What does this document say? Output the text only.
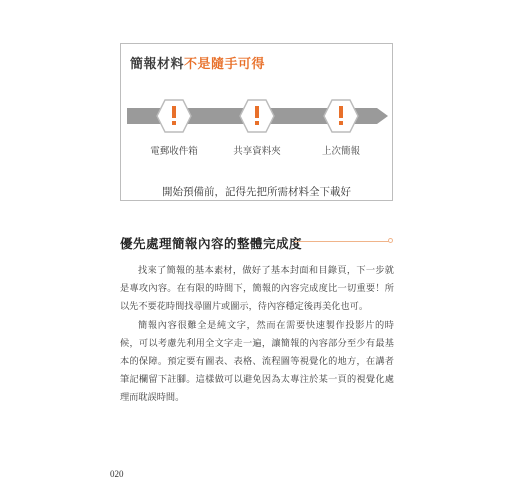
簡報材料不是隨手可得
電郵收件箱	共享資料夾	上次簡報
開始預備前，記得先把所需材料全下載好
優先處理簡報內容的整體完成度
找來了簡報的基本素材，做好了基本封面和目錄頁，下一步就是專攻內容。在有限的時間下，簡報的內容完成度比一切重要！所以先不要花時間找尋圖片或圖示，待內容穩定後再美化也可。
簡報內容很難全是純文字，然而在需要快速製作投影片的時候，可以考慮先利用全文字走一遍，讓簡報的內容部分至少有最基本的保障。預定要有圖表、表格、流程圖等視覺化的地方，在講者筆記欄留下註腳。這樣做可以避免因為太專注於某一頁的視覺化處理而耽誤時間。
020
